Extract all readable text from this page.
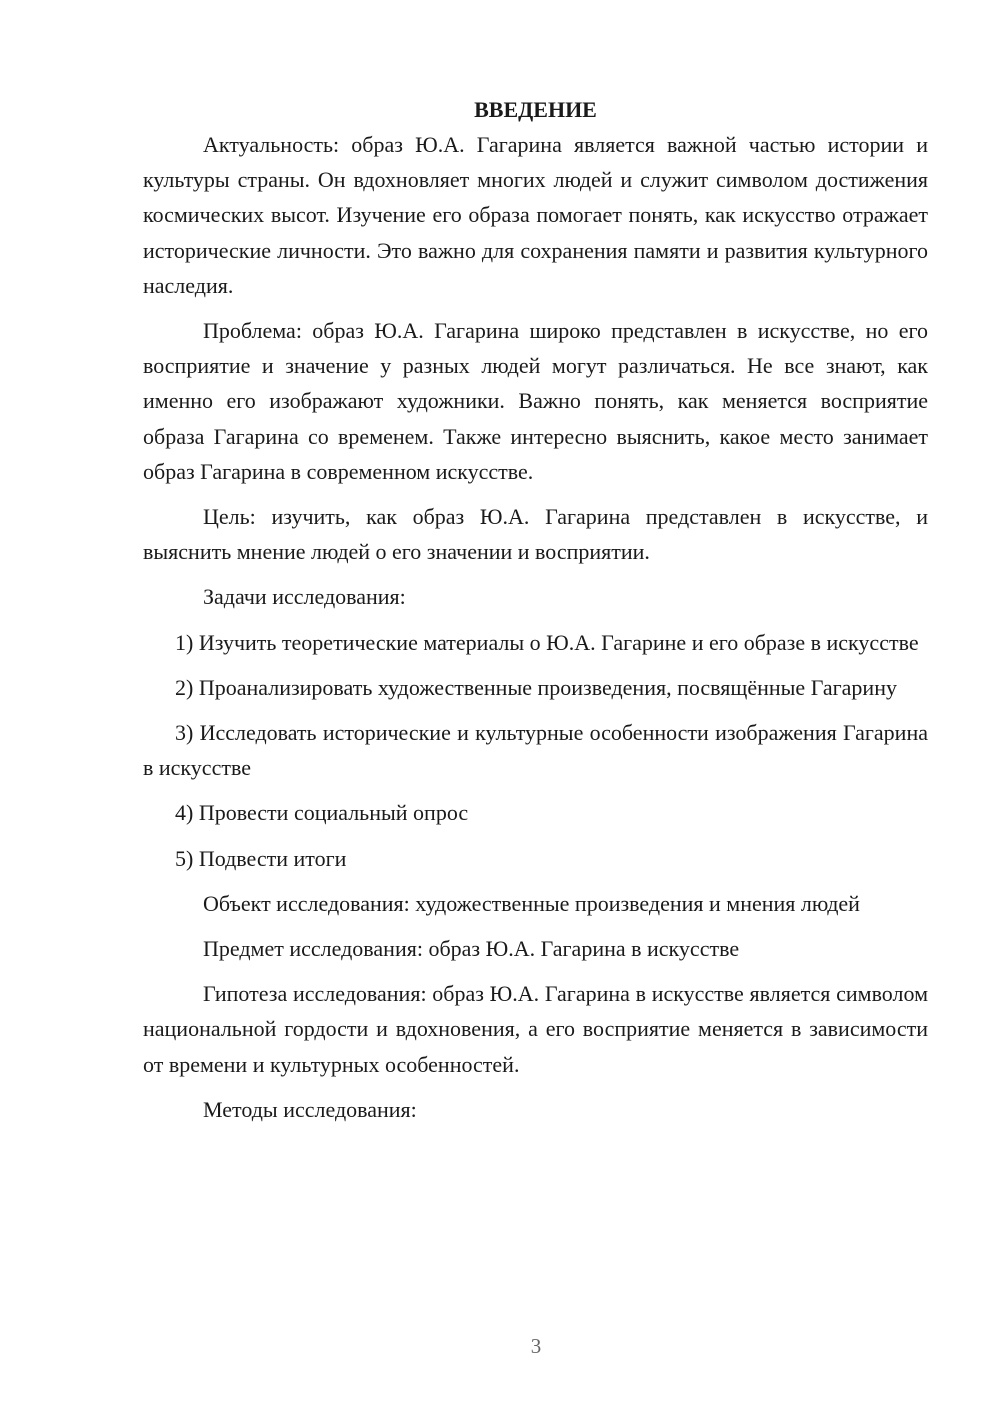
ВВЕДЕНИЕ

Актуальность: образ Ю.А. Гагарина является важной частью истории и культуры страны. Он вдохновляет многих людей и служит символом достижения космических высот. Изучение его образа помогает понять, как искусство отражает исторические личности. Это важно для сохранения памяти и развития культурного наследия.

Проблема: образ Ю.А. Гагарина широко представлен в искусстве, но его восприятие и значение у разных людей могут различаться. Не все знают, как именно его изображают художники. Важно понять, как меняется восприятие образа Гагарина со временем. Также интересно выяснить, какое место занимает образ Гагарина в современном искусстве.

Цель: изучить, как образ Ю.А. Гагарина представлен в искусстве, и выяснить мнение людей о его значении и восприятии.

Задачи исследования:

1) Изучить теоретические материалы о Ю.А. Гагарине и его образе в искусстве

2) Проанализировать художественные произведения, посвящённые Гагарину

3) Исследовать исторические и культурные особенности изображения Гагарина в искусстве

4) Провести социальный опрос

5) Подвести итоги

Объект исследования: художественные произведения и мнения людей

Предмет исследования: образ Ю.А. Гагарина в искусстве

Гипотеза исследования: образ Ю.А. Гагарина в искусстве является символом национальной гордости и вдохновения, а его восприятие меняется в зависимости от времени и культурных особенностей.

Методы исследования:

3
